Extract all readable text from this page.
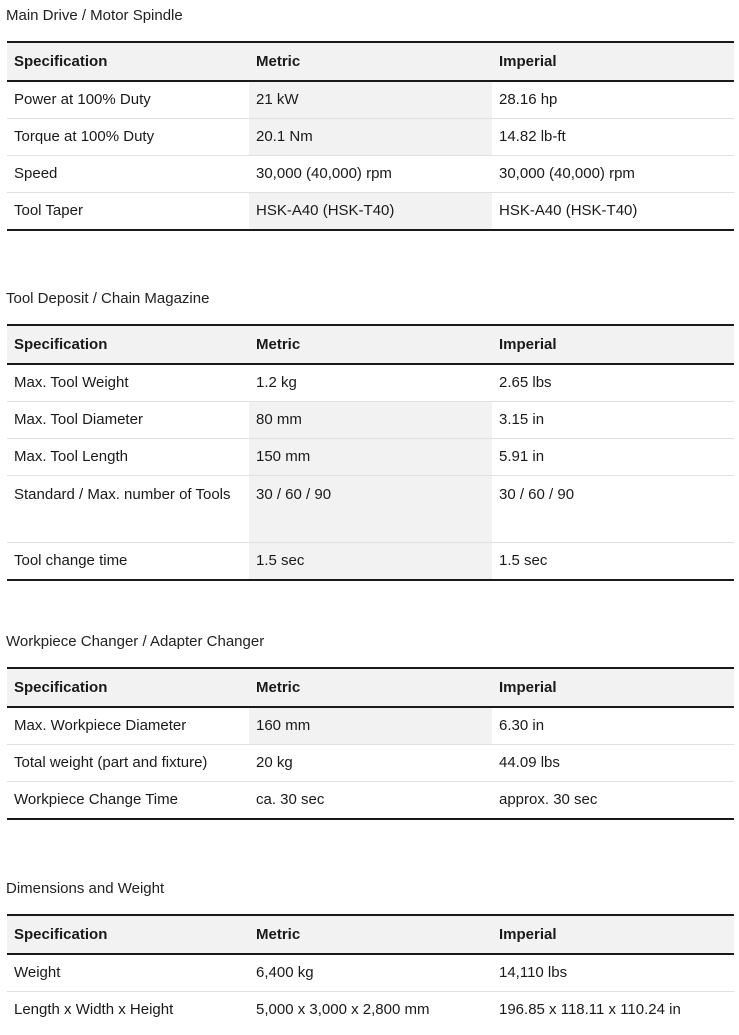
Main Drive / Motor Spindle
Specification	Metric	Imperial
Power at 100% Duty	21 kW	28.16 hp
Torque at 100% Duty	20.1 Nm	14.82 lb-ft
Speed	30,000 (40,000) rpm	30,000 (40,000) rpm
Tool Taper	HSK-A40 (HSK-T40)	HSK-A40 (HSK-T40)
Tool Deposit / Chain Magazine
Specification	Metric	Imperial
Max. Tool Weight	1.2 kg	2.65 lbs
Max. Tool Diameter	80 mm	3.15 in
Max. Tool Length	150 mm	5.91 in
Standard / Max. number of Tools	30 / 60 / 90	30 / 60 / 90
Tool change time	1.5 sec	1.5 sec
Workpiece Changer / Adapter Changer
Specification	Metric	Imperial
Max. Workpiece Diameter	160 mm	6.30 in
Total weight (part and fixture)	20 kg	44.09 lbs
Workpiece Change Time	ca. 30 sec	approx. 30 sec
Dimensions and Weight
Specification	Metric	Imperial
Weight	6,400 kg	14,110 lbs
Length x Width x Height	5,000 x 3,000 x 2,800 mm	196.85 x 118.11 x 110.24 in
